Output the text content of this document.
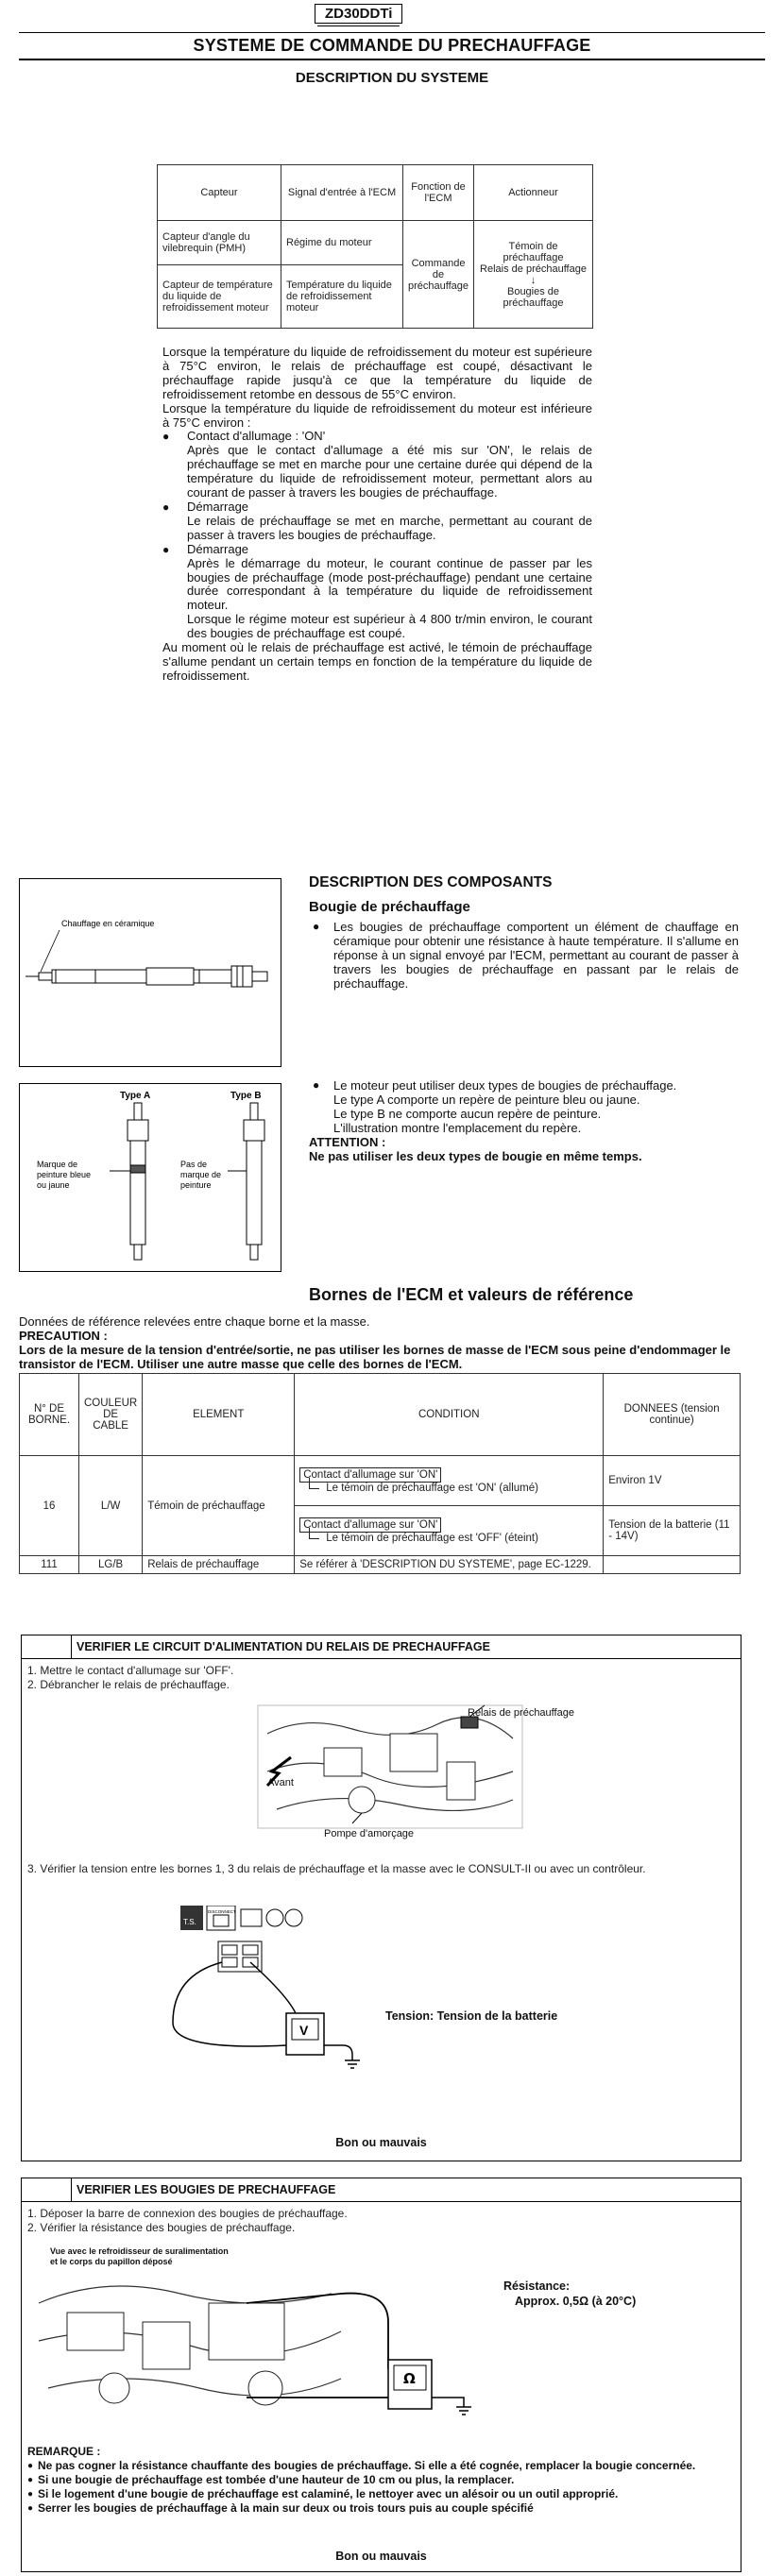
ZD30DDTi
SYSTEME DE COMMANDE DU PRECHAUFFAGE
DESCRIPTION DU SYSTEME
Capteur	Signal d'entrée à l'ECM	Fonction de l'ECM	Actionneur
Capteur d'angle du vilebrequin (PMH)	Régime du moteur	Commande de préchauffage	Témoin de préchauffage
Relais de préchauffage
↓
Bougies de préchauffage

Capteur de température du liquide de refroidissement moteur	Température du liquide de refroidissement moteur		

Lorsque la température du liquide de refroidissement du moteur est supérieure à 75°C environ, le relais de préchauffage est coupé, désactivant le préchauffage rapide jusqu'à ce que la température du liquide de refroidissement retombe en dessous de 55°C environ.

Lorsque la température du liquide de refroidissement du moteur est inférieure à 75°C environ :

● Contact d'allumage : 'ON'
Après que le contact d'allumage a été mis sur 'ON', le relais de préchauffage se met en marche pour une certaine durée qui dépend de la température du liquide de refroidissement moteur, permettant alors au courant de passer à travers les bougies de préchauffage.
● Démarrage
Le relais de préchauffage se met en marche, permettant au courant de passer à travers les bougies de préchauffage.
● Démarrage
Après le démarrage du moteur, le courant continue de passer par les bougies de préchauffage (mode post-préchauffage) pendant une certaine durée correspondant à la température du liquide de refroidissement moteur.
Lorsque le régime moteur est supérieur à 4 800 tr/min environ, le courant des bougies de préchauffage est coupé.

Au moment où le relais de préchauffage est activé, le témoin de préchauffage s'allume pendant un certain temps en fonction de la température du liquide de refroidissement.

Chauffage en céramique
Type A	Type B
Marque de
peinture bleue
ou jaune
Pas de
marque de
peinture
DESCRIPTION DES COMPOSANTS
Bougie de préchauffage
● Les bougies de préchauffage comportent un élément de chauffage en céramique pour obtenir une résistance à haute température. Il s'allume en réponse à un signal envoyé par l'ECM, permettant au courant de passer à travers les bougies de préchauffage en passant par le relais de préchauffage.
● Le moteur peut utiliser deux types de bougies de préchauffage.
Le type A comporte un repère de peinture bleu ou jaune.
Le type B ne comporte aucun repère de peinture.
L'illustration montre l'emplacement du repère.
ATTENTION :
Ne pas utiliser les deux types de bougie en même temps.
Bornes de l'ECM et valeurs de référence
Données de référence relevées entre chaque borne et la masse.
PRECAUTION :
Lors de la mesure de la tension d'entrée/sortie, ne pas utiliser les bornes de masse de l'ECM sous peine d'endommager le transistor de l'ECM. Utiliser une autre masse que celle des bornes de l'ECM.
N° DE BORNE.	COULEUR DE CABLE	ELEMENT	CONDITION	DONNEES (tension continue)
16	L/W	Témoin de préchauffage	Contact d'allumage sur 'ON'
Le témoin de préchauffage est 'ON' (allumé)	Environ 1V
			Contact d'allumage sur 'ON'
Le témoin de préchauffage est 'OFF' (éteint)	Tension de la batterie (11 - 14V)
111	LG/B	Relais de préchauffage	Se référer à 'DESCRIPTION DU SYSTEME', page EC-1229.	
VERIFIER LE CIRCUIT D'ALIMENTATION DU RELAIS DE PRECHAUFFAGE

1. Mettre le contact d'allumage sur 'OFF'.

2. Débrancher le relais de préchauffage.

Relais de préchauffage
Avant
Pompe d'amorçage
3. Vérifier la tension entre les bornes 1, 3 du relais de préchauffage et la masse avec le CONSULT-II ou avec un contrôleur.
T.S.
DISCONNECT
V
Tension: Tension de la batterie
Bon ou mauvais
VERIFIER LES BOUGIES DE PRECHAUFFAGE

1. Déposer la barre de connexion des bougies de préchauffage.

2. Vérifier la résistance des bougies de préchauffage.

Vue avec le refroidisseur de suralimentation
et le corps du papillon déposé
Ω
Résistance:
Approx. 0,5Ω (à 20°C)
REMARQUE :
● Ne pas cogner la résistance chauffante des bougies de préchauffage. Si elle a été cognée, remplacer la bougie concernée.
● Si une bougie de préchauffage est tombée d'une hauteur de 10 cm ou plus, la remplacer.
● Si le logement d'une bougie de préchauffage est calaminé, le nettoyer avec un alésoir ou un outil approprié.
● Serrer les bougies de préchauffage à la main sur deux ou trois tours puis au couple spécifié
Bon ou mauvais
